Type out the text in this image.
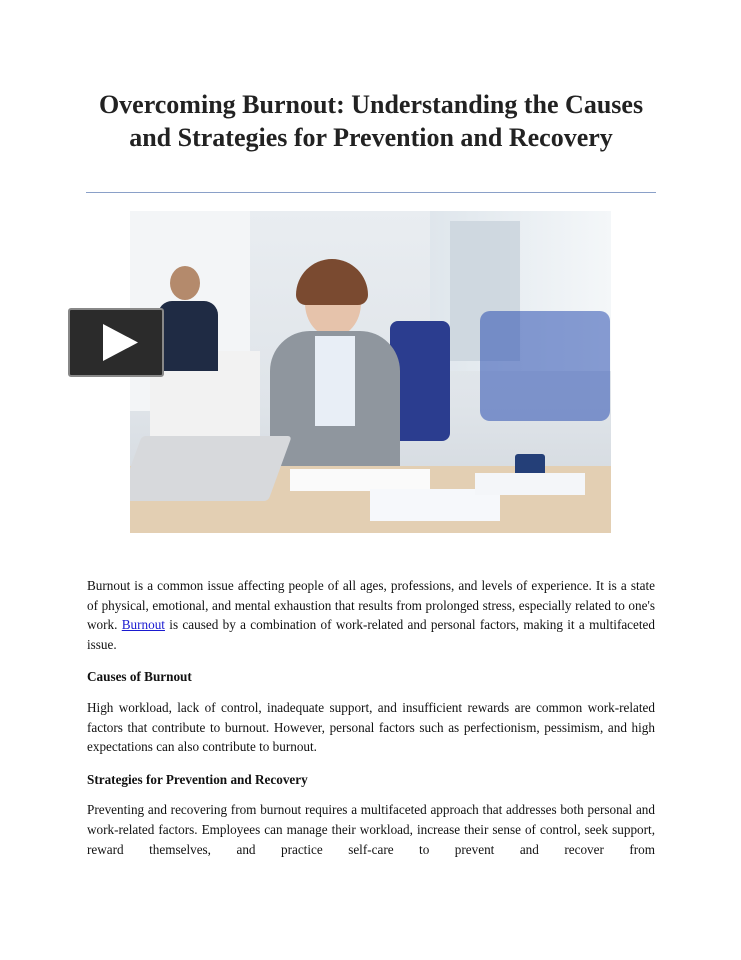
Overcoming Burnout: Understanding the Causes and Strategies for Prevention and Recovery

Burnout is a common issue affecting people of all ages, professions, and levels of experience. It is a state of physical, emotional, and mental exhaustion that results from prolonged stress, especially related to one's work. Burnout is caused by a combination of work-related and personal factors, making it a multifaceted issue.

Causes of Burnout

High workload, lack of control, inadequate support, and insufficient rewards are common work-related factors that contribute to burnout. However, personal factors such as perfectionism, pessimism, and high expectations can also contribute to burnout.

Strategies for Prevention and Recovery

Preventing and recovering from burnout requires a multifaceted approach that addresses both personal and work-related factors. Employees can manage their workload, increase their sense of control, seek support, reward themselves, and practice self-care to prevent and recover from
